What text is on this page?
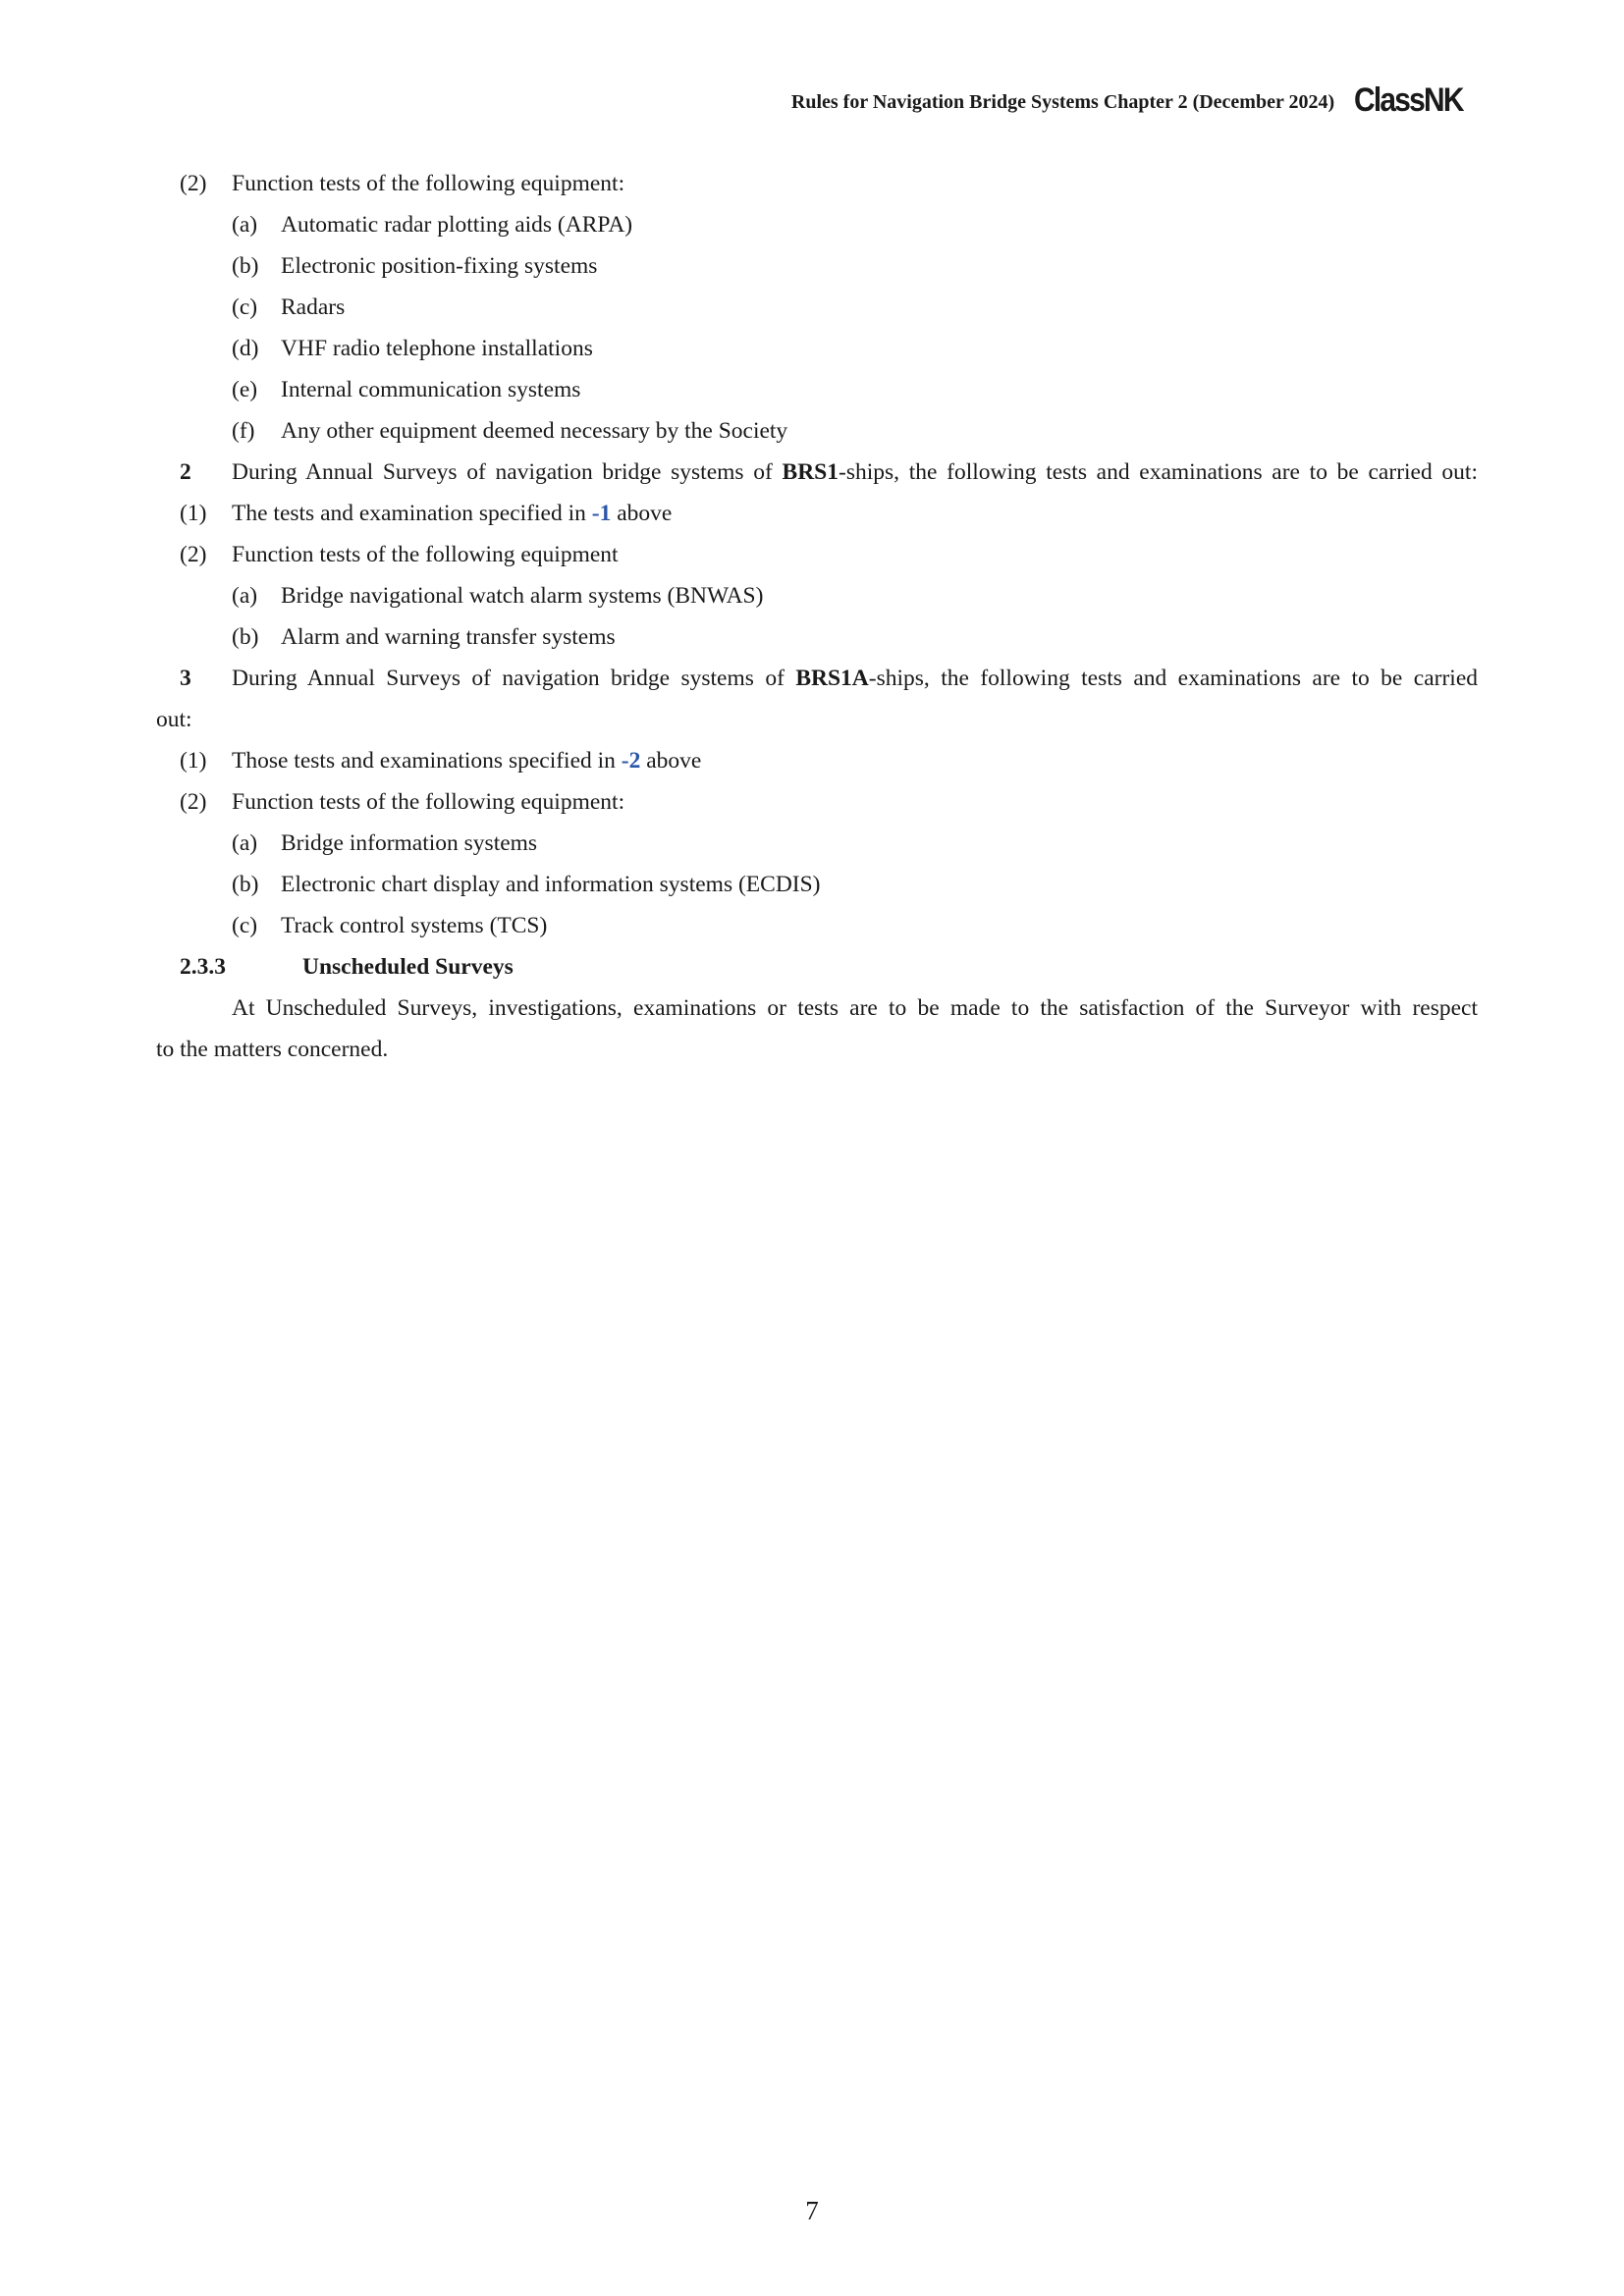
Rules for Navigation Bridge Systems Chapter 2 (December 2024) ClassNK
(2) Function tests of the following equipment:
(a) Automatic radar plotting aids (ARPA)
(b) Electronic position-fixing systems
(c) Radars
(d) VHF radio telephone installations
(e) Internal communication systems
(f) Any other equipment deemed necessary by the Society
2 During Annual Surveys of navigation bridge systems of BRS1-ships, the following tests and examinations are to be carried out:
(1) The tests and examination specified in -1 above
(2) Function tests of the following equipment
(a) Bridge navigational watch alarm systems (BNWAS)
(b) Alarm and warning transfer systems
3 During Annual Surveys of navigation bridge systems of BRS1A-ships, the following tests and examinations are to be carried
out:
(1) Those tests and examinations specified in -2 above
(2) Function tests of the following equipment:
(a) Bridge information systems
(b) Electronic chart display and information systems (ECDIS)
(c) Track control systems (TCS)
2.3.3	Unscheduled Surveys
At Unscheduled Surveys, investigations, examinations or tests are to be made to the satisfaction of the Surveyor with respect
to the matters concerned.
7
